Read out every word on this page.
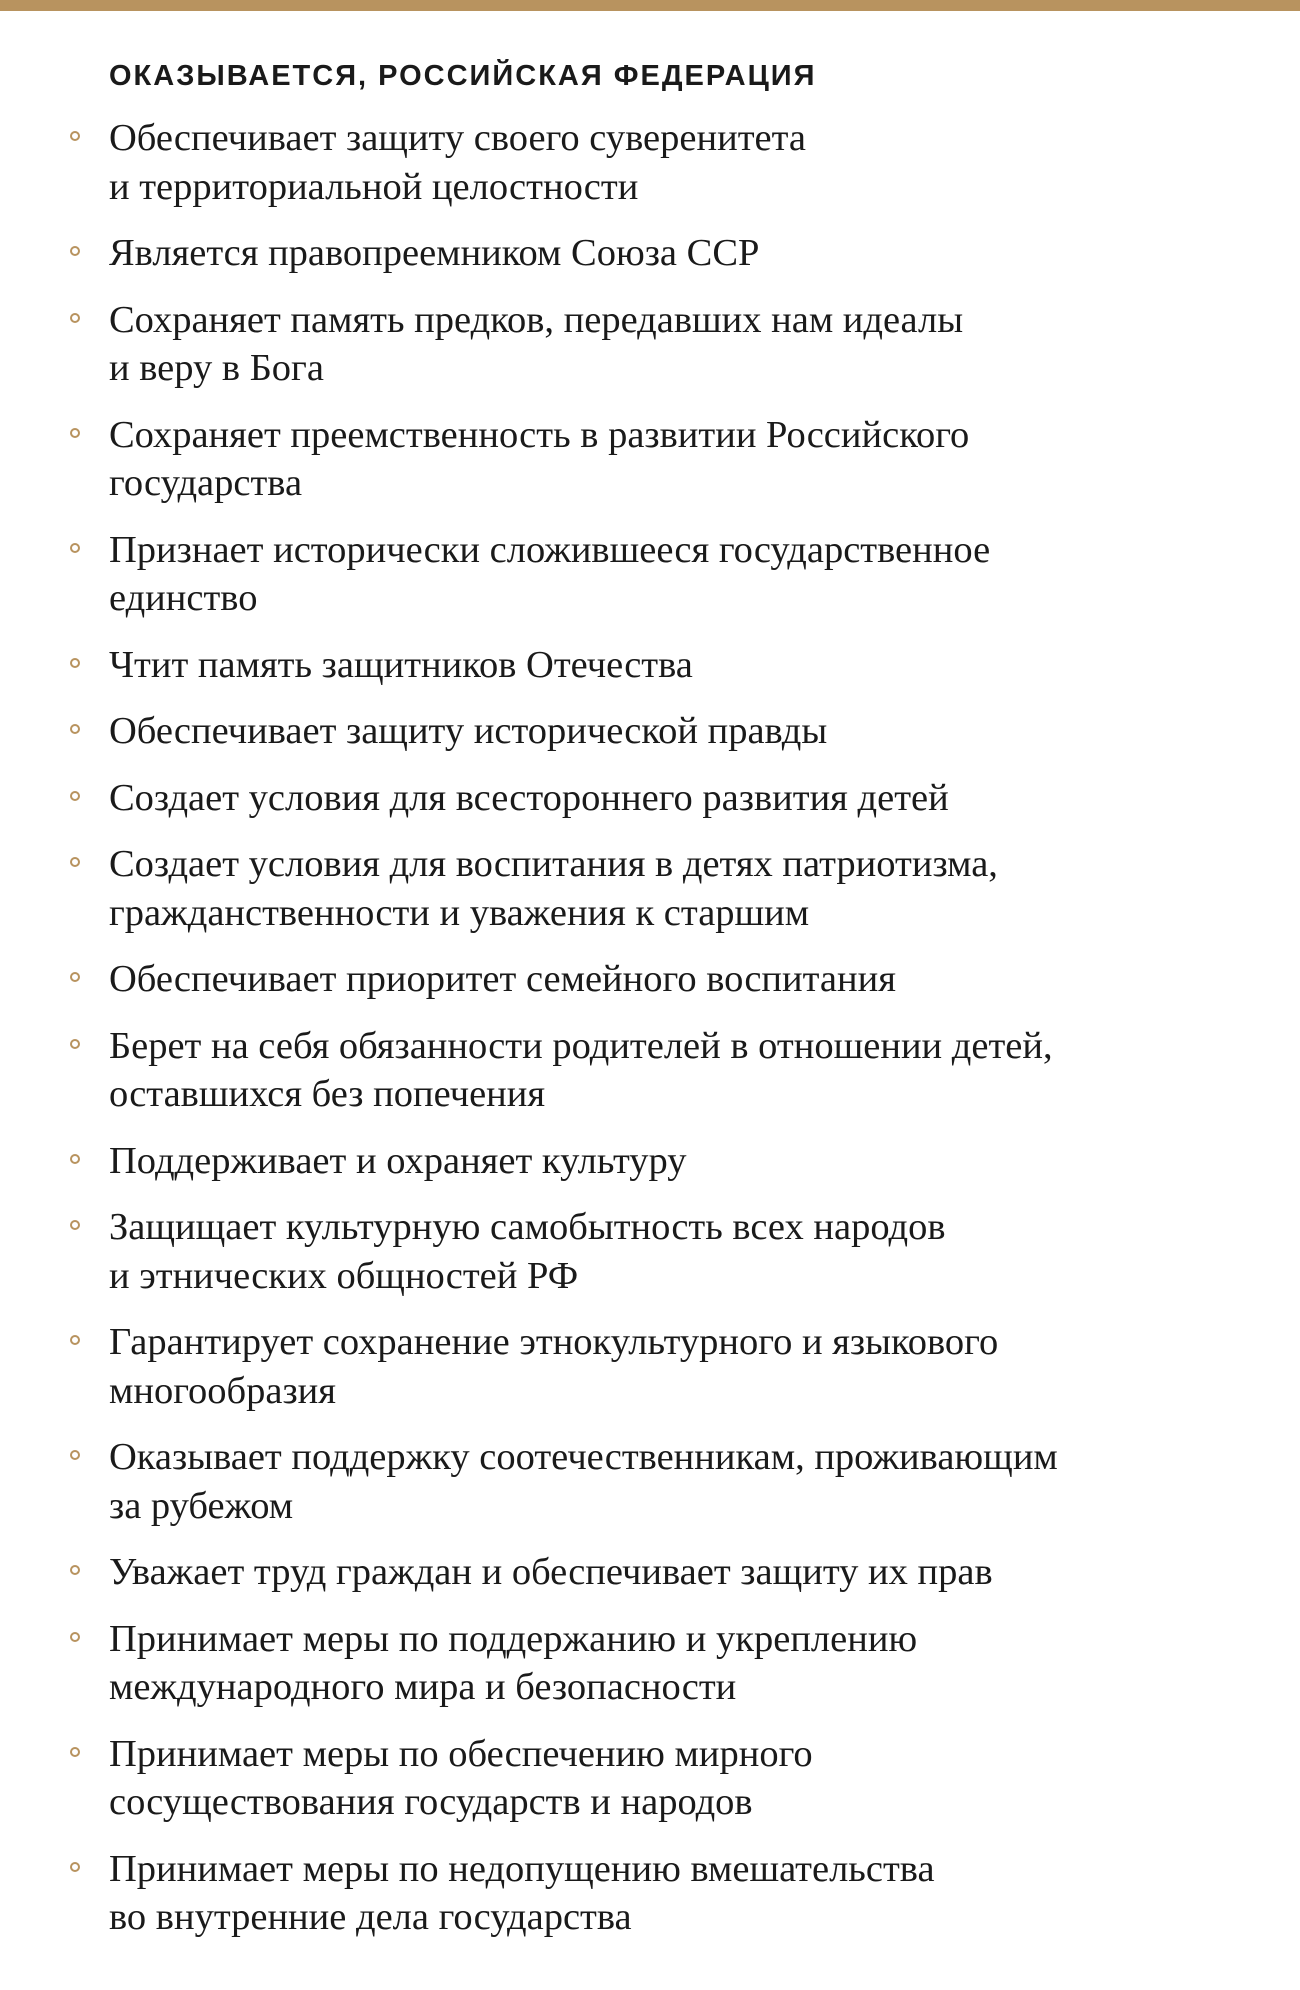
ОКАЗЫВАЕТСЯ, РОССИЙСКАЯ ФЕДЕРАЦИЯ
Обеспечивает защиту своего суверенитета
и территориальной целостности
Является правопреемником Союза ССР
Сохраняет память предков, передавших нам идеалы
и веру в Бога
Сохраняет преемственность в развитии Российского
государства
Признает исторически сложившееся государственное
единство
Чтит память защитников Отечества
Обеспечивает защиту исторической правды
Создает условия для всестороннего развития детей
Создает условия для воспитания в детях патриотизма,
гражданственности и уважения к старшим
Обеспечивает приоритет семейного воспитания
Берет на себя обязанности родителей в отношении детей,
оставшихся без попечения
Поддерживает и охраняет культуру
Защищает культурную самобытность всех народов
и этнических общностей РФ
Гарантирует сохранение этнокультурного и языкового
многообразия
Оказывает поддержку соотечественникам, проживающим
за рубежом
Уважает труд граждан и обеспечивает защиту их прав
Принимает меры по поддержанию и укреплению
международного мира и безопасности
Принимает меры по обеспечению мирного
сосуществования государств и народов
Принимает меры по недопущению вмешательства
во внутренние дела государства
